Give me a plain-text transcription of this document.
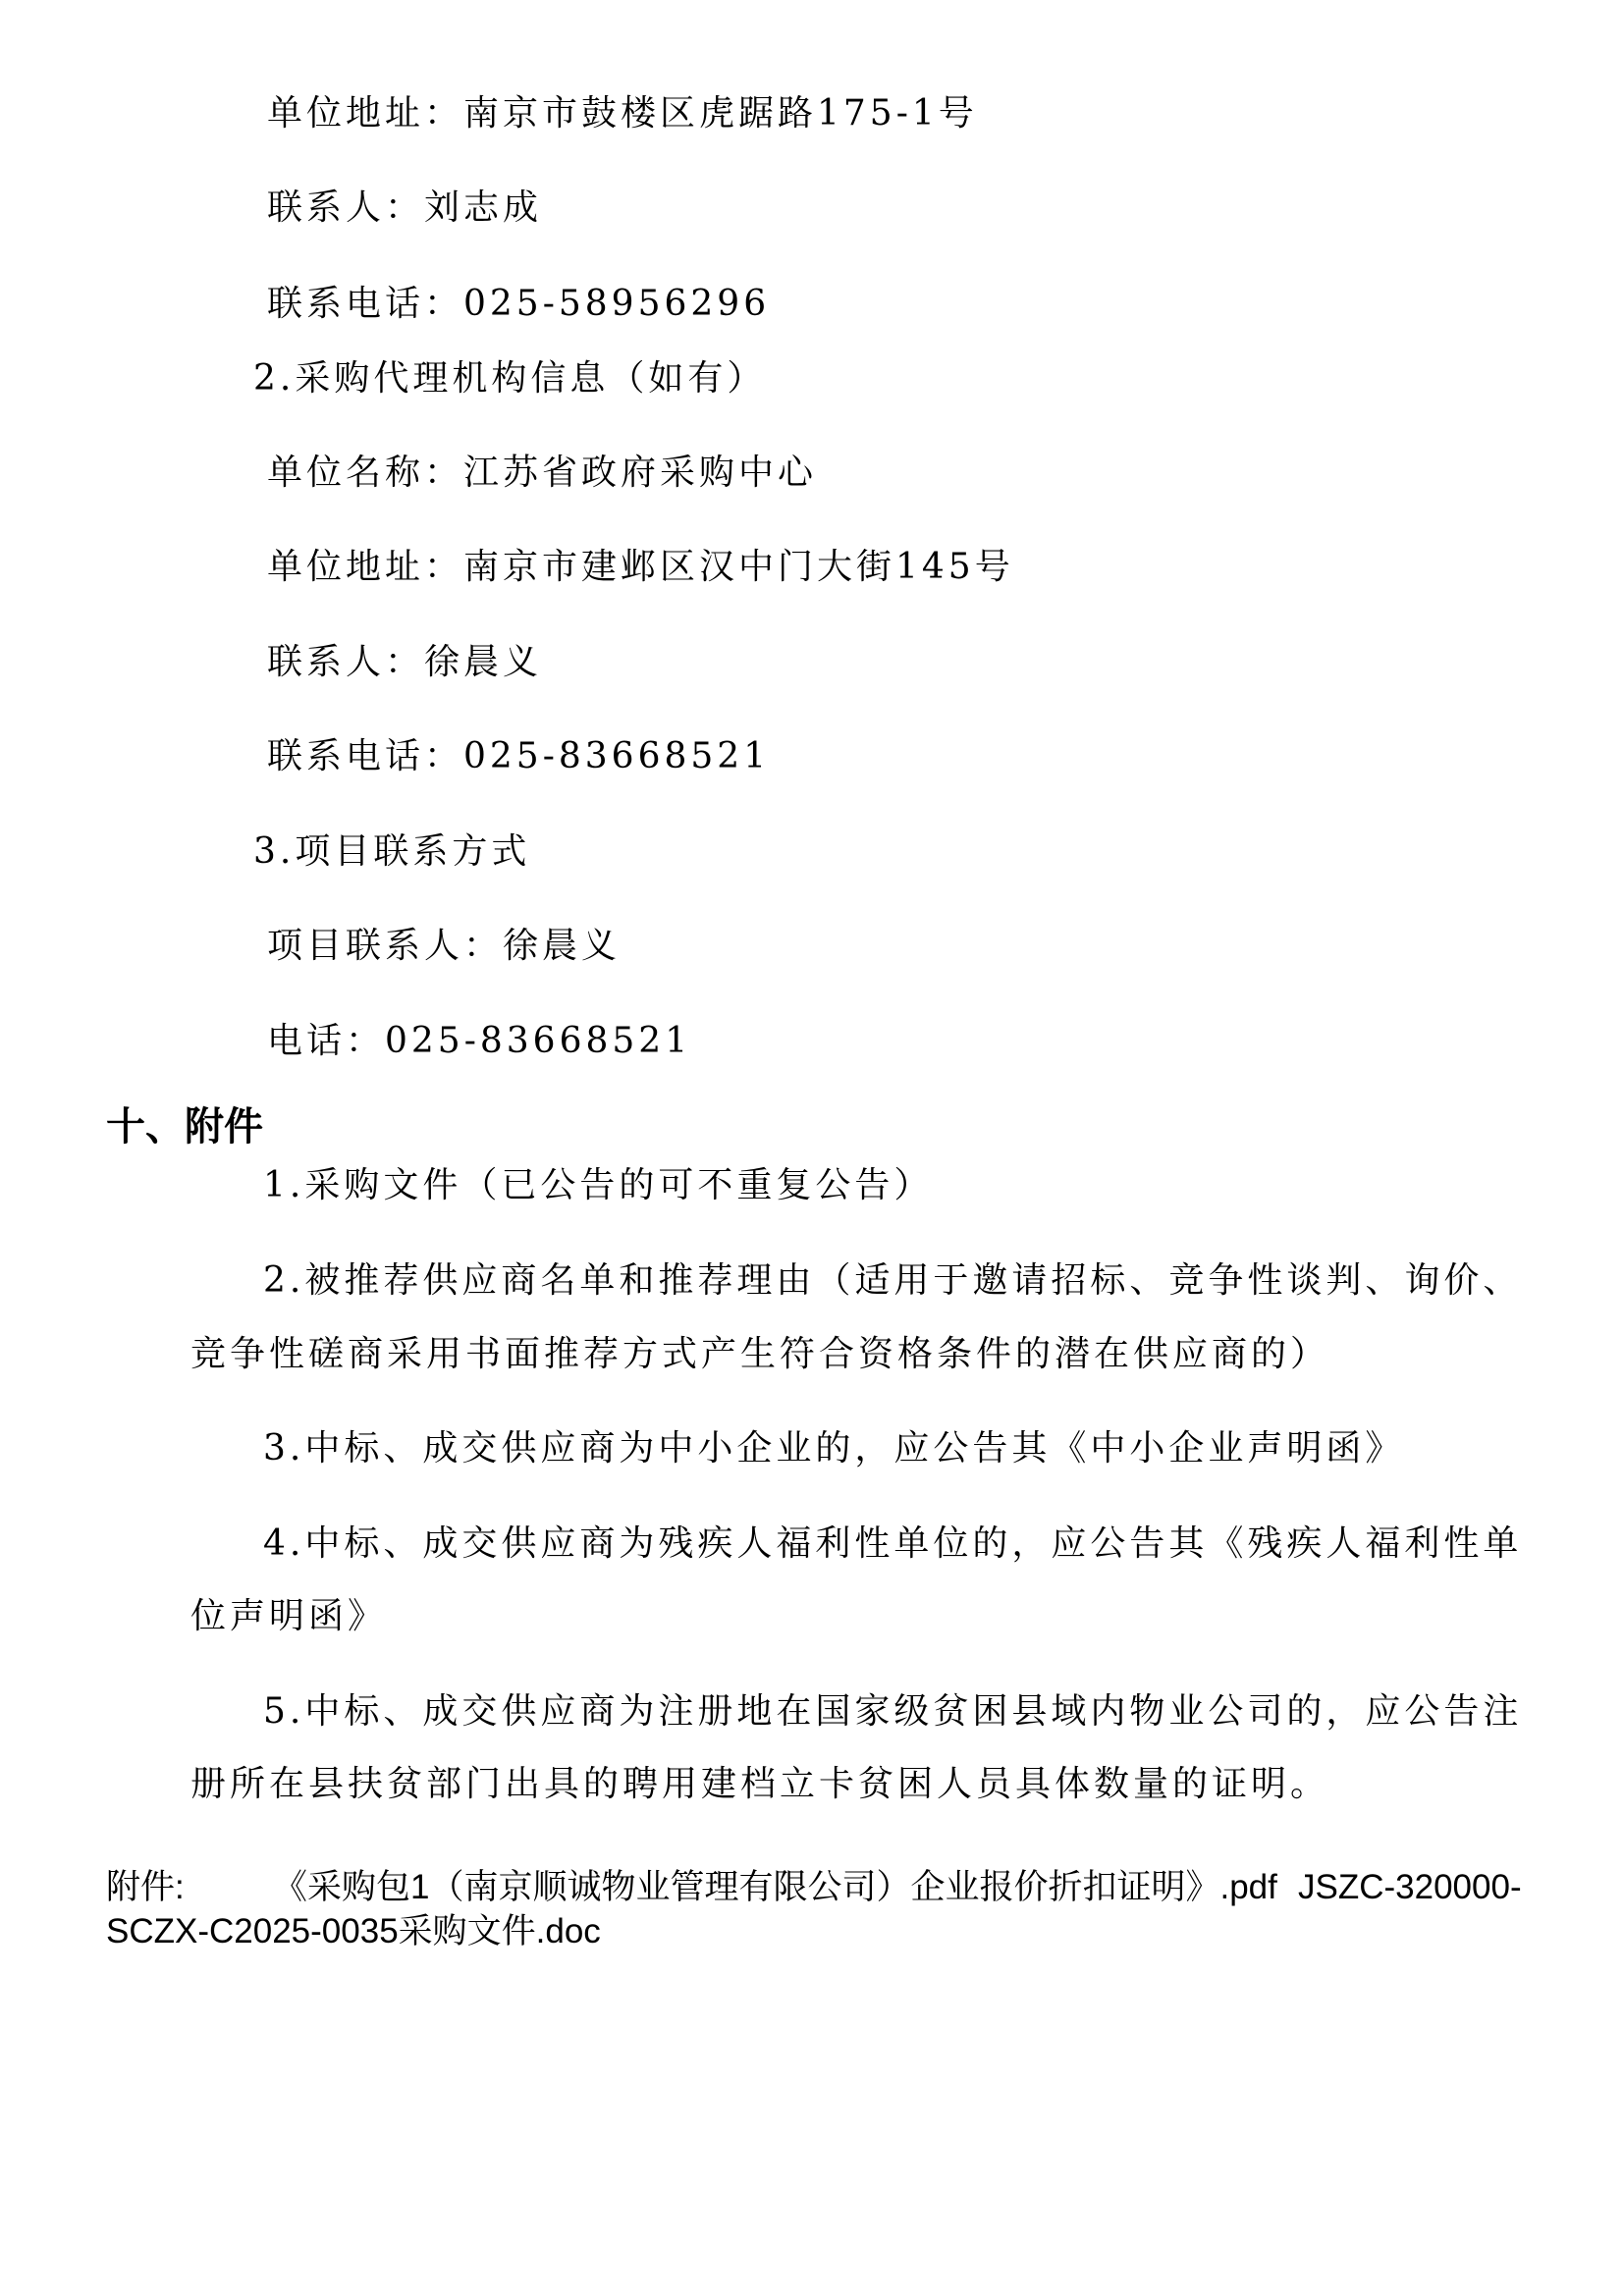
单位地址：南京市鼓楼区虎踞路175-1号
联系人：刘志成
联系电话：025-58956296
2.采购代理机构信息（如有）
单位名称：江苏省政府采购中心
单位地址：南京市建邺区汉中门大街145号
联系人：徐晨义
联系电话：025-83668521
3.项目联系方式
项目联系人：徐晨义
电话：025-83668521
十、附件
1.采购文件（已公告的可不重复公告）
2.被推荐供应商名单和推荐理由（适用于邀请招标、竞争性谈判、询价、
竞争性磋商采用书面推荐方式产生符合资格条件的潜在供应商的）
3.中标、成交供应商为中小企业的，应公告其《中小企业声明函》
4.中标、成交供应商为残疾人福利性单位的，应公告其《残疾人福利性单
位声明函》
5.中标、成交供应商为注册地在国家级贫困县域内物业公司的，应公告注
册所在县扶贫部门出具的聘用建档立卡贫困人员具体数量的证明。
附件:	《采购包1（南京顺诚物业管理有限公司）企业报价折扣证明》.pdf JSZC-320000-
SCZX-C2025-0035采购文件.doc
